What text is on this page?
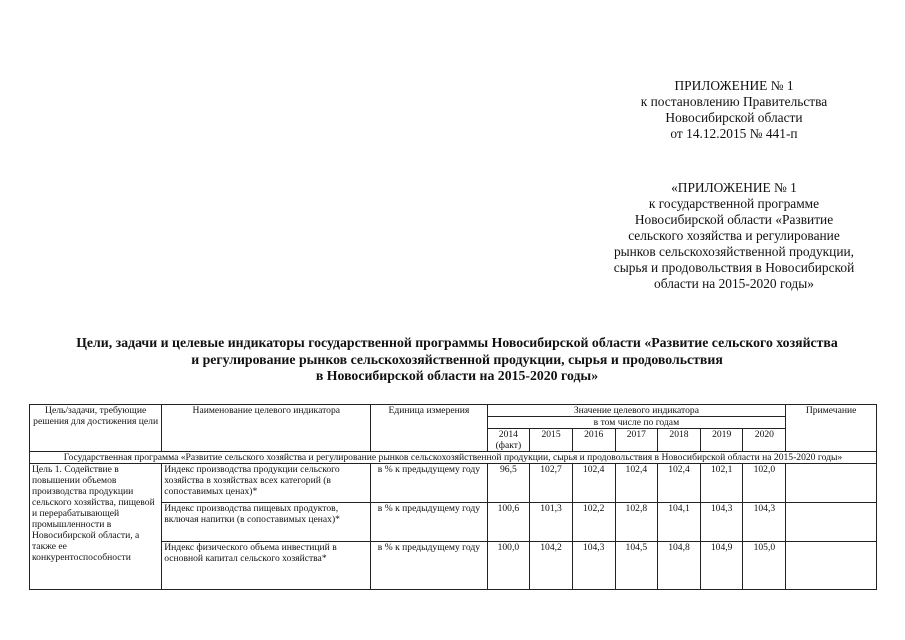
ПРИЛОЖЕНИЕ № 1
к постановлению Правительства
Новосибирской области
от 14.12.2015 № 441-п
«ПРИЛОЖЕНИЕ № 1
к государственной программе
Новосибирской области «Развитие
сельского хозяйства и регулирование
рынков сельскохозяйственной продукции,
сырья и продовольствия в Новосибирской
области на 2015-2020 годы»
Цели, задачи и целевые индикаторы государственной программы Новосибирской области «Развитие сельского хозяйства
и регулирование рынков сельскохозяйственной продукции, сырья и продовольствия
в Новосибирской области на 2015-2020 годы»
Цель/задачи, требующие решения для достижения цели	Наименование целевого индикатора	Единица измерения	Значение целевого индикатора							Примечание
			в том числе по годам							
			2014 (факт)	2015	2016	2017	2018	2019	2020	
Государственная программа «Развитие сельского хозяйства и регулирование рынков сельскохозяйственной продукции, сырья и продовольствия в Новосибирской области на 2015-2020 годы»										
Цель 1. Содействие в повышении объемов производства продукции сельского хозяйства, пищевой и перерабатывающей промышленности в Новосибирской области, а также ее конкурентоспособности	Индекс производства продукции сельского хозяйства в хозяйствах всех категорий (в сопоставимых ценах)*	в % к предыдущему году	96,5	102,7	102,4	102,4	102,4	102,1	102,0	
	Индекс производства пищевых продуктов, включая напитки (в сопоставимых ценах)*	в % к предыдущему году	100,6	101,3	102,2	102,8	104,1	104,3	104,3	
	Индекс физического объема инвестиций в основной капитал сельского хозяйства*	в % к предыдущему году	100,0	104,2	104,3	104,5	104,8	104,9	105,0	
